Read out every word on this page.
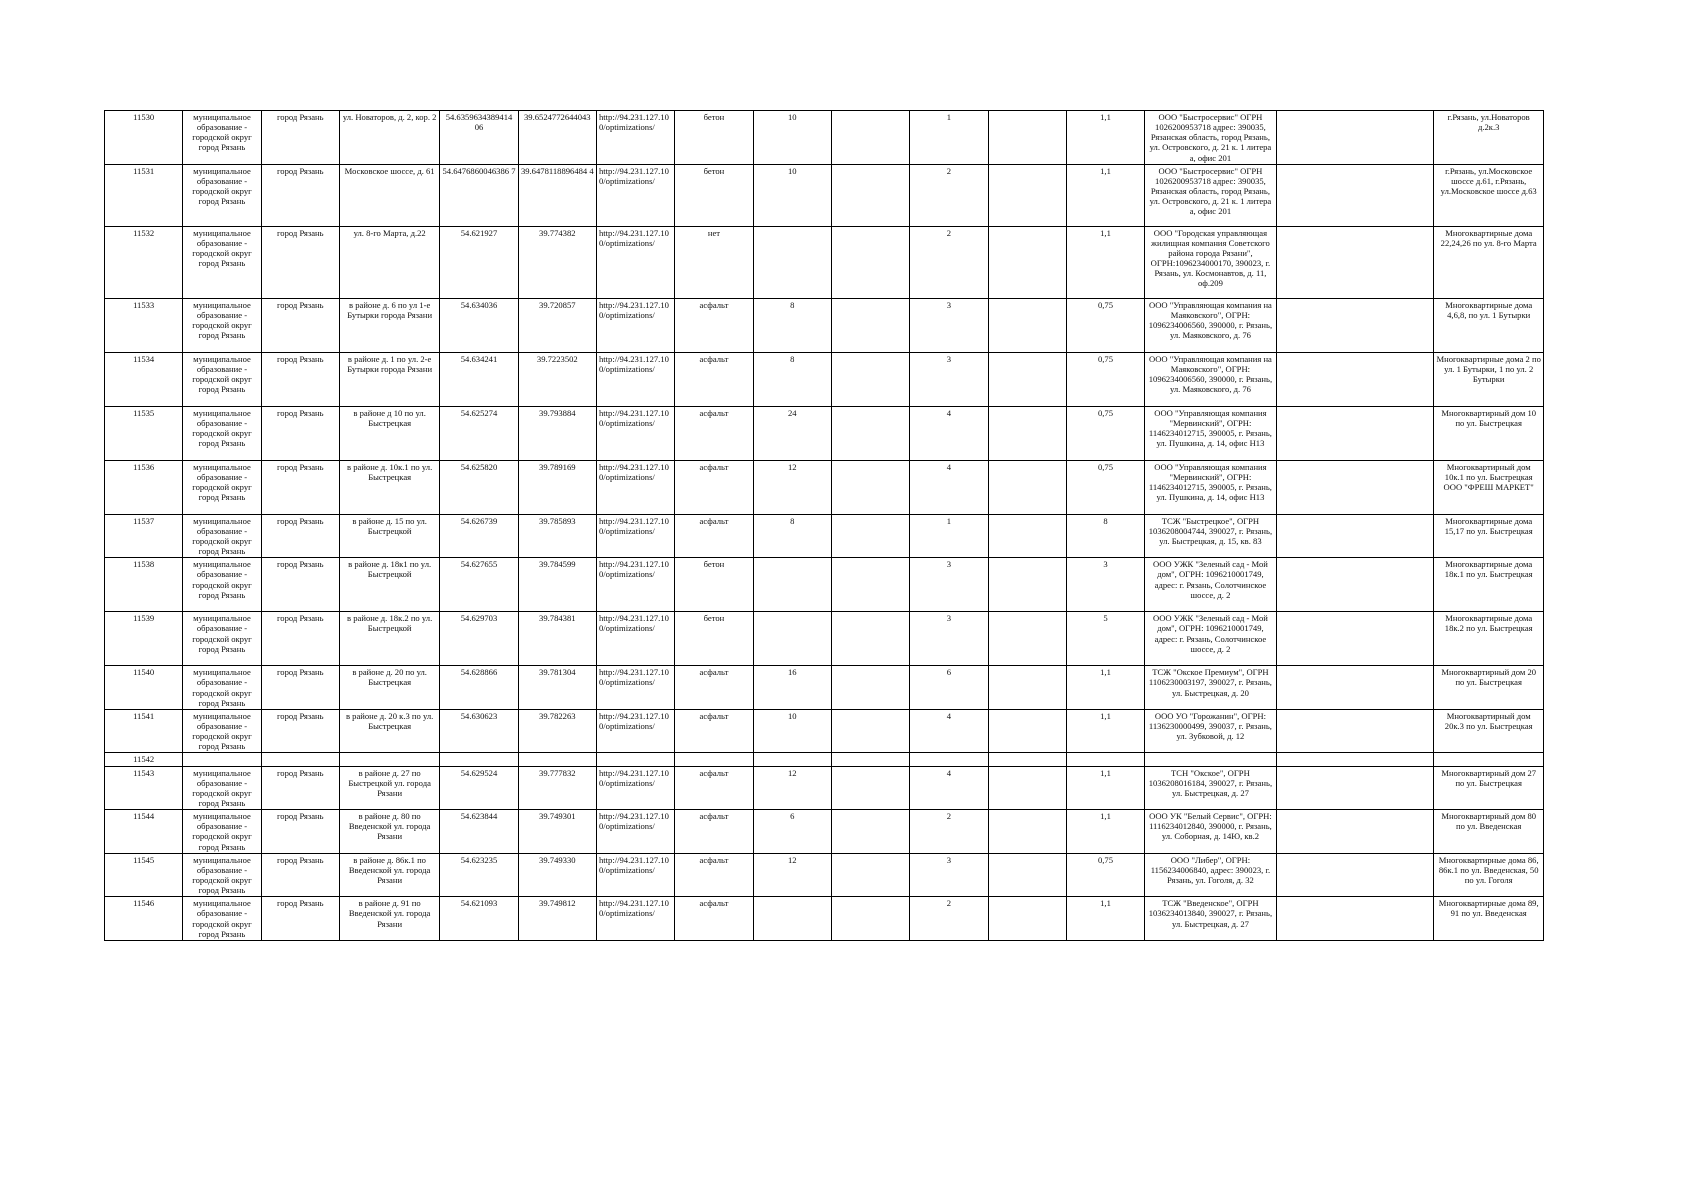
11530	муниципальное образование - городской округ город Рязань	город Рязань	ул. Новаторов, д. 2, кор. 2	54.6359634389414 06	39.6524772644043	http://94.231.127.10 0/optimizations/	бетон	10		1		1,1	ООО "Быстросервис" ОГРН 1026200953718 адрес: 390035, Рязанская область, город Рязань, ул. Островского, д. 21 к. 1 литера а, офис 201		г.Рязань, ул.Новаторов д.2к.3
11531	муниципальное образование - городской округ город Рязань	город Рязань	Московское шоссе, д. 61	54.6476860046386 7	39.6478118896484 4	http://94.231.127.10 0/optimizations/	бетон	10		2		1,1	ООО "Быстросервис" ОГРН 1026200953718 адрес: 390035, Рязанская область, город Рязань, ул. Островского, д. 21 к. 1 литера а, офис 201		г.Рязань, ул.Московское шоссе д.61, г.Рязань, ул.Московское шоссе д.63
11532	муниципальное образование - городской округ город Рязань	город Рязань	ул. 8-го Марта, д.22	54.621927	39.774382	http://94.231.127.10 0/optimizations/	нет			2		1,1	ООО "Городская управляющая жилищная компания Советского района города Рязани", ОГРН:1096234000170, 390023, г. Рязань, ул. Космонавтов, д. 11, оф.209		Многоквартирные дома 22,24,26 по ул. 8-го Марта
11533	муниципальное образование - городской округ город Рязань	город Рязань	в районе д. 6 по ул 1-е Бутырки города Рязани	54.634036	39.720857	http://94.231.127.10 0/optimizations/	асфальт	8		3		0,75	ООО "Управляющая компания на Маяковского", ОГРН: 1096234006560, 390000, г. Рязань, ул. Маяковского, д. 76		Многоквартирные дома 4,6,8, по ул. 1 Бутырки
11534	муниципальное образование - городской округ город Рязань	город Рязань	в районе д. 1 по ул. 2-е Бутырки города Рязани	54.634241	39.7223502	http://94.231.127.10 0/optimizations/	асфальт	8		3		0,75	ООО "Управляющая компания на Маяковского", ОГРН: 1096234006560, 390000, г. Рязань, ул. Маяковского, д. 76		Многоквартирные дома 2 по ул. 1 Бутырки, 1 по ул. 2 Бутырки
11535	муниципальное образование - городской округ город Рязань	город Рязань	в районе д 10 по ул. Быстрецкая	54.625274	39.793884	http://94.231.127.10 0/optimizations/	асфальт	24		4		0,75	ООО "Управляющая компания "Мервинский", ОГРН: 1146234012715, 390005, г. Рязань, ул. Пушкина, д. 14, офис Н13		Многоквартирный дом 10 по ул. Быстрецкая
11536	муниципальное образование - городской округ город Рязань	город Рязань	в районе д. 10к.1 по ул. Быстрецкая	54.625820	39.789169	http://94.231.127.10 0/optimizations/	асфальт	12		4		0,75	ООО "Управляющая компания "Мервинский", ОГРН: 1146234012715, 390005, г. Рязань, ул. Пушкина, д. 14, офис Н13		Многоквартирный дом 10к.1 по ул. Быстрецкая ООО "ФРЕШ МАРКЕТ"
11537	муниципальное образование - городской округ город Рязань	город Рязань	в районе д. 15 по ул. Быстрецкой	54.626739	39.785893	http://94.231.127.10 0/optimizations/	асфальт	8		1		8	ТСЖ "Быстрецкое", ОГРН 1036208004744, 390027, г. Рязань, ул. Быстрецкая, д. 15, кв. 83		Многоквартирные дома 15,17 по ул. Быстрецкая
11538	муниципальное образование - городской округ город Рязань	город Рязань	в районе д. 18к1 по ул. Быстрецкой	54.627655	39.784599	http://94.231.127.10 0/optimizations/	бетон			3		3	ООО УЖК "Зеленый сад - Мой дом", ОГРН: 1096210001749, адрес: г. Рязань, Солотчинское шоссе, д. 2		Многоквартирные дома 18к.1 по ул. Быстрецкая
11539	муниципальное образование - городской округ город Рязань	город Рязань	в районе д. 18к.2 по ул. Быстрецкой	54.629703	39.784381	http://94.231.127.10 0/optimizations/	бетон			3		5	ООО УЖК "Зеленый сад - Мой дом", ОГРН: 1096210001749, адрес: г. Рязань, Солотчинское шоссе, д. 2		Многоквартирные дома 18к.2 по ул. Быстрецкая
11540	муниципальное образование - городской округ город Рязань	город Рязань	в районе д. 20 по ул. Быстрецкая	54.628866	39.781304	http://94.231.127.10 0/optimizations/	асфальт	16		6		1,1	ТСЖ "Окское Премиум", ОГРН 1106230003197, 390027, г. Рязань, ул. Быстрецкая, д. 20		Многоквартирный дом 20 по ул. Быстрецкая
11541	муниципальное образование - городской округ город Рязань	город Рязань	в районе д. 20 к.3 по ул. Быстрецкая	54.630623	39.782263	http://94.231.127.10 0/optimizations/	асфальт	10		4		1,1	ООО УО "Горожанин", ОГРН: 1136230000499, 390037, г. Рязань, ул. Зубковой, д. 12		Многоквартирный дом 20к.3 по ул. Быстрецкая
11542															
11543	муниципальное образование - городской округ город Рязань	город Рязань	в районе д. 27 по Быстрецкой ул. города Рязани	54.629524	39.777832	http://94.231.127.10 0/optimizations/	асфальт	12		4		1,1	ТСН "Окское", ОГРН 1036208016184, 390027, г. Рязань, ул. Быстрецкая, д. 27		Многоквартирный дом 27 по ул. Быстрецкая
11544	муниципальное образование - городской округ город Рязань	город Рязань	в районе д. 80 по Введенской ул. города Рязани	54.623844	39.749301	http://94.231.127.10 0/optimizations/	асфальт	6		2		1,1	ООО УК "Белый Сервис", ОГРН: 1116234012840, 390000, г. Рязань, ул. Соборная, д. 14Ю, кв.2		Многоквартирный дом 80 по ул. Введенская
11545	муниципальное образование - городской округ город Рязань	город Рязань	в районе д. 86к.1 по Введенской ул. города Рязани	54.623235	39.749330	http://94.231.127.10 0/optimizations/	асфальт	12		3		0,75	ООО "Либер", ОГРН: 1156234006840, адрес: 390023, г. Рязань, ул. Гоголя, д. 32		Многоквартирные дома 86, 86к.1 по ул. Введенская, 50 по ул. Гоголя
11546	муниципальное образование - городской округ город Рязань	город Рязань	в районе д. 91 по Введенской ул. города Рязани	54.621093	39.749812	http://94.231.127.10 0/optimizations/	асфальт			2		1,1	ТСЖ "Введенское", ОГРН 1036234013840, 390027, г. Рязань, ул. Быстрецкая, д. 27		Многоквартирные дома 89, 91 по ул. Введенская
